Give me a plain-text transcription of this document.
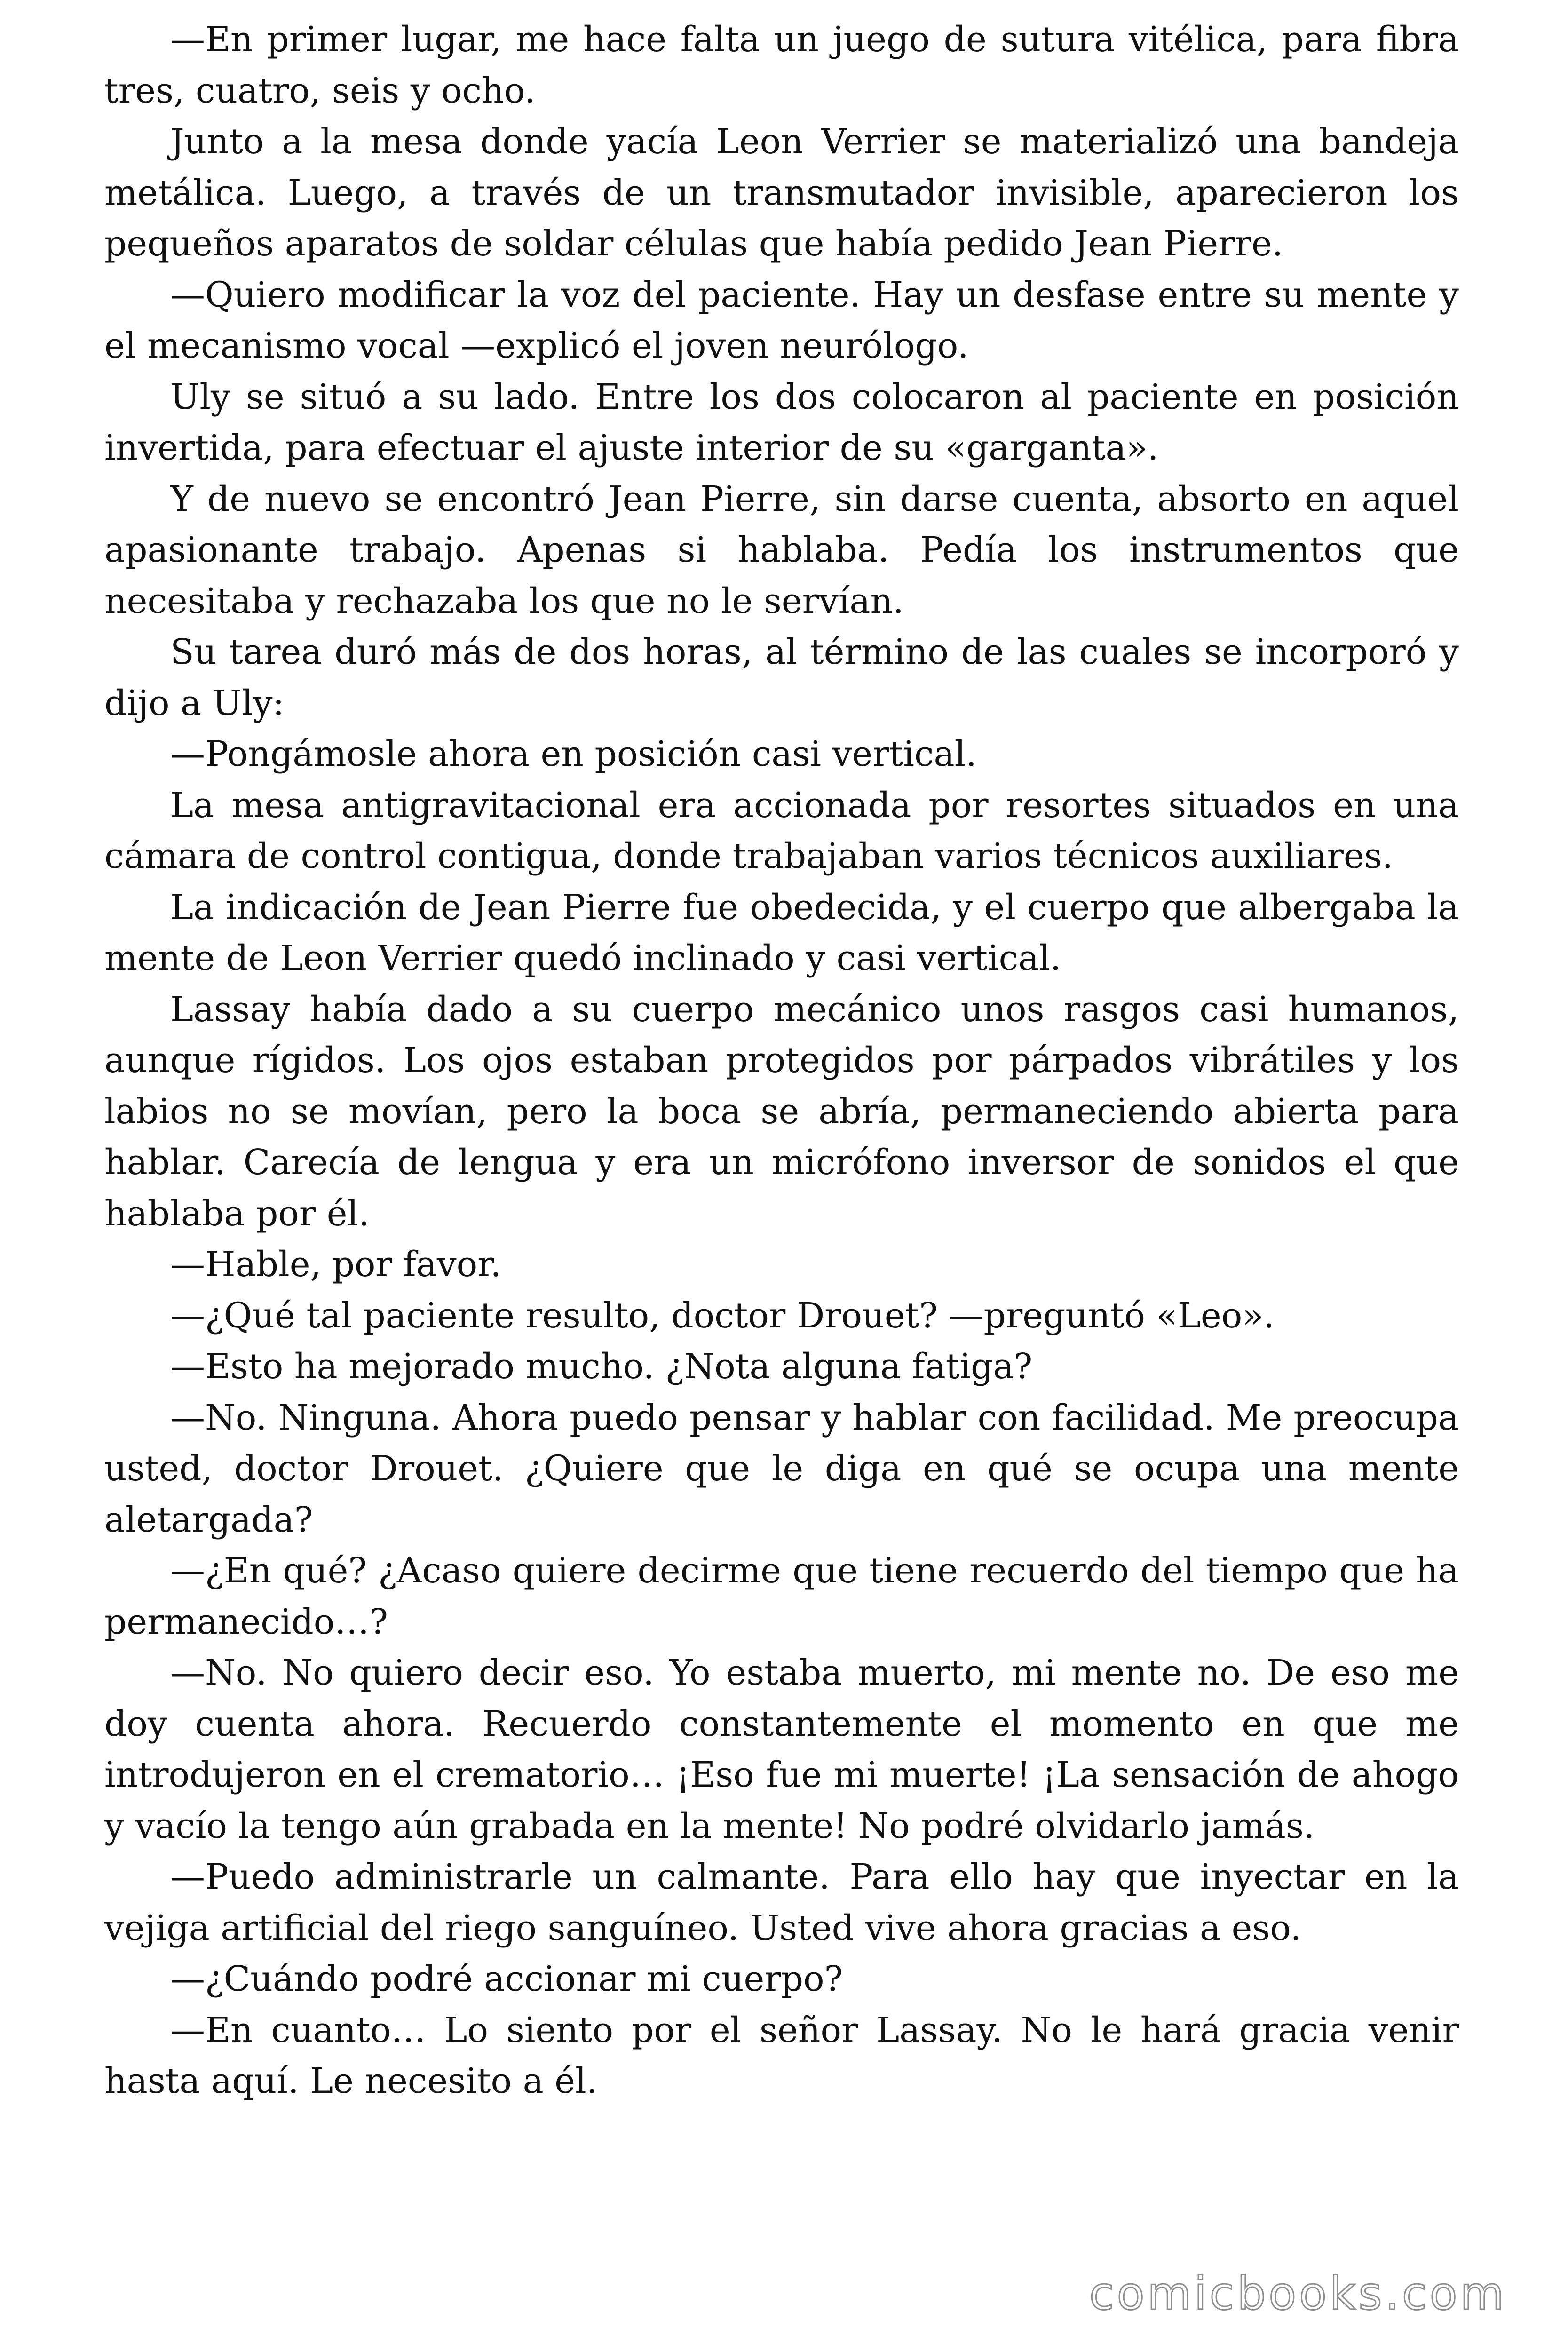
—En primer lugar, me hace falta un juego de sutura vitélica, para fibra tres, cuatro, seis y ocho.

Junto a la mesa donde yacía Leon Verrier se materializó una bandeja metálica. Luego, a través de un transmutador invisible, aparecieron los pequeños aparatos de soldar células que había pedido Jean Pierre.

—Quiero modificar la voz del paciente. Hay un desfase entre su mente y el mecanismo vocal —explicó el joven neurólogo.

Uly se situó a su lado. Entre los dos colocaron al paciente en posición invertida, para efectuar el ajuste interior de su «garganta».

Y de nuevo se encontró Jean Pierre, sin darse cuenta, absorto en aquel apasionante trabajo. Apenas si hablaba. Pedía los instrumentos que necesitaba y rechazaba los que no le servían.

Su tarea duró más de dos horas, al término de las cuales se incorporó y dijo a Uly:

—Pongámosle ahora en posición casi vertical.

La mesa antigravitacional era accionada por resortes situados en una cámara de control contigua, donde trabajaban varios técnicos auxiliares.

La indicación de Jean Pierre fue obedecida, y el cuerpo que albergaba la mente de Leon Verrier quedó inclinado y casi vertical.

Lassay había dado a su cuerpo mecánico unos rasgos casi humanos, aunque rígidos. Los ojos estaban protegidos por párpados vibrátiles y los labios no se movían, pero la boca se abría, permaneciendo abierta para hablar. Carecía de lengua y era un micrófono inversor de sonidos el que hablaba por él.

—Hable, por favor.

—¿Qué tal paciente resulto, doctor Drouet? —preguntó «Leo».

—Esto ha mejorado mucho. ¿Nota alguna fatiga?

—No. Ninguna. Ahora puedo pensar y hablar con facilidad. Me preocupa usted, doctor Drouet. ¿Quiere que le diga en qué se ocupa una mente aletargada?

—¿En qué? ¿Acaso quiere decirme que tiene recuerdo del tiempo que ha permanecido…?

—No. No quiero decir eso. Yo estaba muerto, mi mente no. De eso me doy cuenta ahora. Recuerdo constantemente el momento en que me introdujeron en el crematorio… ¡Eso fue mi muerte! ¡La sensación de ahogo y vacío la tengo aún grabada en la mente! No podré olvidarlo jamás.

—Puedo administrarle un calmante. Para ello hay que inyectar en la vejiga artificial del riego sanguíneo. Usted vive ahora gracias a eso.

—¿Cuándo podré accionar mi cuerpo?

—En cuanto… Lo siento por el señor Lassay. No le hará gracia venir hasta aquí. Le necesito a él.

comicbooks.com
